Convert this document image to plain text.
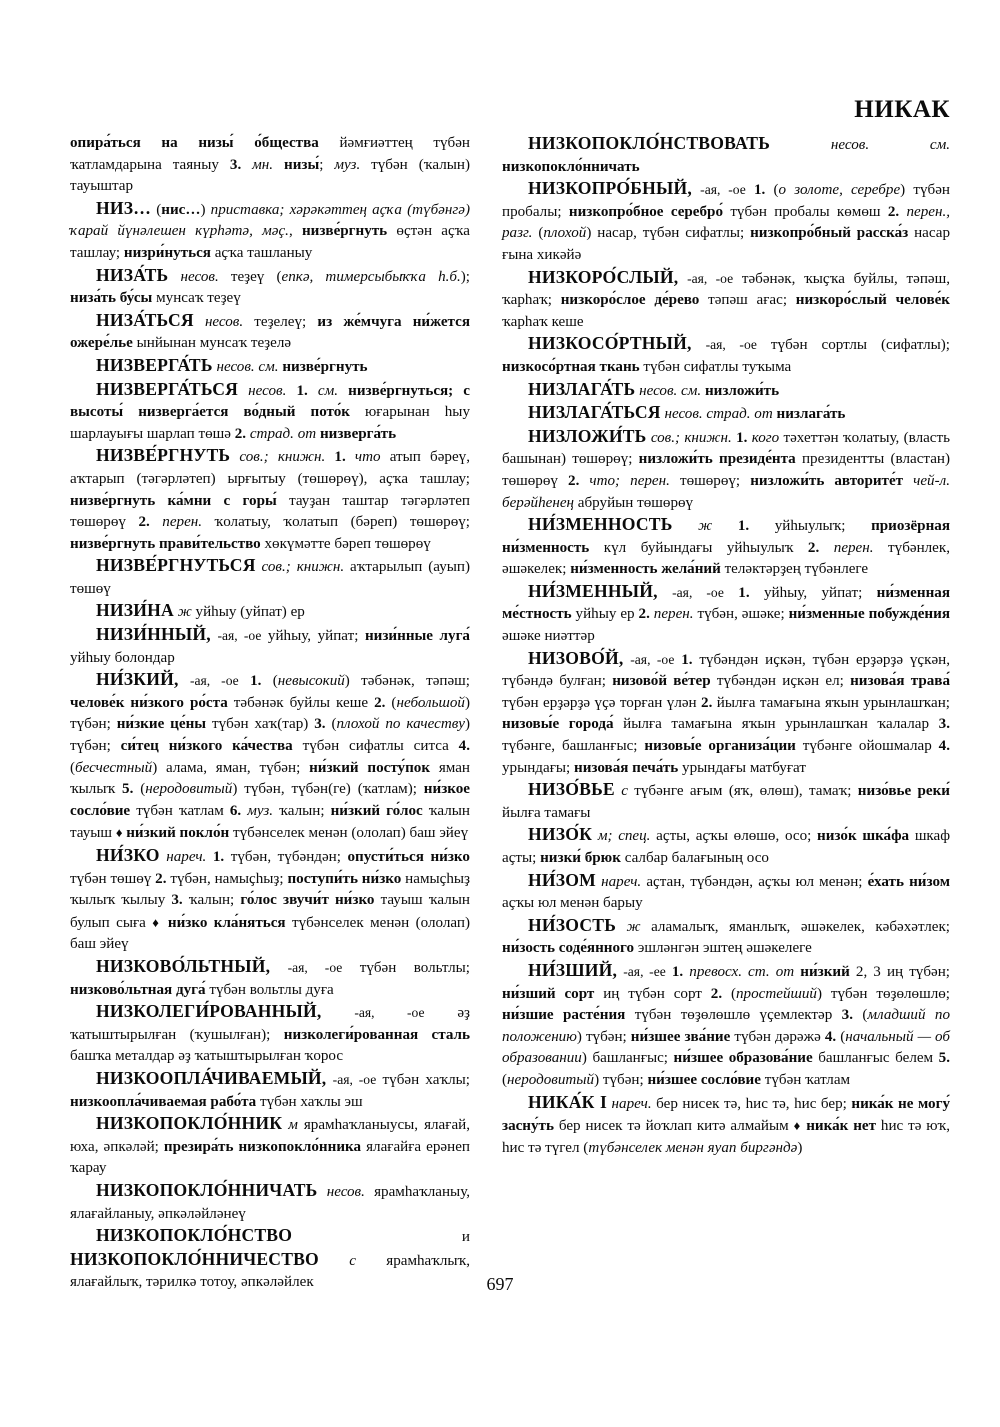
НИКАК

опира́ться на низы́ о́бщества йәмғиәттең түбән ҡатламдарына таяныу 3. мн. низы́; муз. түбән (ҡалын) тауыштар

НИЗ… (нис…) приставка; хәрәкәттең аҫҡа (түбәнгә) ҡарай йүнәлешен күрһәтә, мәҫ., низве́ргнуть өҫтән аҫҡа ташлау; низри́нуться аҫҡа ташланыу

НИЗА́ТЬ несов. теҙеү (епкә, тимерсыбыҡҡа һ.б.); низа́ть бу́сы мунсаҡ теҙеү

НИЗА́ТЬСЯ несов. теҙелеү; из же́мчуга ни́жется ожере́лье ынйынан мунсаҡ теҙелә

НИЗВЕРГА́ТЬ несов. см. низве́ргнуть

НИЗВЕРГА́ТЬСЯ несов. 1. см. низве́ргнуться; с высоты́ низверга́ется во́дный пото́к юғарынан һыу шарлауығы шарлап төшә 2. страд. от низверга́ть

НИЗВЕ́РГНУТЬ сов.; книжн. 1. что атып бәреү, аҡтарып (тәгәрләтеп) ырғытыу (төшөрөү), аҫҡа ташлау; низве́ргнуть ка́мни с горы́ тауҙан таштар тәгәрләтеп төшөрөү 2. перен. ҡолатыу, ҡолатып (бәреп) төшөрөү; низве́ргнуть прави́тельство хөкүмәтте бәреп төшөрөү

НИЗВЕ́РГНУТЬСЯ сов.; книжн. аҡтарылып (ауып) төшөү

НИЗИ́НА ж уйһыу (уйпат) ер

НИЗИ́ННЫЙ, -ая, -ое уйһыу, уйпат; низи́нные луга́ уйһыу болондар

НИ́ЗКИЙ, -ая, -ое 1. (невысокий) тәбәнәк, тәпәш; челове́к ни́зкого ро́ста тәбәнәк буйлы кеше 2. (небольшой) түбән; ни́зкие це́ны түбән хаҡ(тар) 3. (плохой по качеству) түбән; си́тец ни́зкого ка́чества түбән сифатлы ситса 4. (бесчестный) алама, яман, түбән; ни́зкий посту́пок яман ҡылыҡ 5. (неродовитый) түбән, түбән(ге) (ҡатлам); ни́зкое сосло́вие түбән ҡатлам 6. муз. ҡалын; ни́зкий го́лос ҡалын тауыш ♦ ни́зкий покло́н түбәнселек менән (ололап) баш эйеү

НИ́ЗКО нареч. 1. түбән, түбәндән; опусти́ться ни́зко түбән төшөү 2. түбән, намыҫһыҙ; поступи́ть ни́зко намыҫһыҙ ҡылыҡ ҡылыу 3. ҡалын; го́лос звучи́т ни́зко тауыш ҡалын булып сыға ♦ ни́зко кла́няться түбәнселек менән (ололап) баш эйеү

НИЗКОВО́ЛЬТНЫЙ, -ая, -ое түбән вольтлы; низково́льтная дуга́ түбән вольтлы дуға

НИЗКОЛЕГИ́РОВАННЫЙ, -ая, -ое әҙ ҡатыштырылған (ҡушылған); низколеги́рованная сталь башҡа металдар әҙ ҡатыштырылған ҡорос

НИЗКООПЛА́ЧИВАЕМЫЙ, -ая, -ое түбән хаҡлы; низкоопла́чиваемая рабо́та түбән хаҡлы эш

НИЗКОПОКЛО́ННИК м ярамһаҡланыусы, ялағай, юха, әпкәләй; презира́ть низкопокло́нника ялағайға ерәнеп ҡарау

НИЗКОПОКЛО́ННИЧАТЬ несов. ярамһаҡланыу, ялағайланыу, әпкәләйләнеү

НИЗКОПОКЛО́НСТВО	и НИЗКОПОКЛО́ННИЧЕСТВО с ярамһаҡлыҡ, ялағайлыҡ, тәрилкә тотоу, әпкәләйлек

НИЗКОПОКЛО́НСТВОВАТЬ	несов. см. низкопокло́нничать

НИЗКОПРО́БНЫЙ, -ая, -ое 1. (о золоте, серебре) түбән пробалы; низкопро́бное серебро́ түбән пробалы көмөш 2. перен., разг. (плохой) насар, түбән сифатлы; низкопро́бный расска́з насар ғына хикәйә

НИЗКОРО́СЛЫЙ, -ая, -ое тәбәнәк, ҡыҫҡа буйлы, тәпәш, ҡарһаҡ; низкоро́слое де́рево тәпәш ағас; низкоро́слый челове́к ҡарһаҡ кеше

НИЗКОСО́РТНЫЙ, -ая, -ое түбән сортлы (сифатлы); низкосо́ртная ткань түбән сифатлы туҡыма

НИЗЛАГА́ТЬ несов. см. низложи́ть

НИЗЛАГА́ТЬСЯ несов. страд. от низлага́ть

НИЗЛОЖИ́ТЬ сов.; книжн. 1. кого тәхеттән ҡолатыу, (власть башынан) төшөрөү; низложи́ть президе́нта президентты (властан) төшөрөү 2. что; перен. төшөрөү; низложи́ть авторите́т чей-л. берәйһенең абруйын төшөрөү

НИ́ЗМЕННОСТЬ ж 1. уйһыулыҡ; приозёрная ни́зменность күл буйындағы уйһыулыҡ 2. перен. түбәнлек, әшәкелек; ни́зменность жела́ний теләктәрҙең түбәнлеге

НИ́ЗМЕННЫЙ, -ая, -ое 1. уйһыу, уйпат; ни́зменная ме́стность уйһыу ер 2. перен. түбән, әшәке; ни́зменные побужде́ния әшәке ниәттәр

НИЗОВО́Й, -ая, -ое 1. түбәндән иҫкән, түбән ерҙәрҙә үҫкән, түбәндә булған; низово́й ве́тер түбәндән иҫкән ел; низова́я трава́ түбән ерҙәрҙә үҫә торған үлән 2. йылға тамағына яҡын урынлашҡан; низовы́е города́ йылға тамағына яҡын урынлашҡан ҡалалар 3. түбәнге, башланғыс; низовы́е организа́ции түбәнге ойошмалар 4. урындағы; низова́я печа́ть урындағы матбуғат

НИЗО́ВЬЕ с түбәнге ағым (яҡ, өлөш), тамаҡ; низо́вье реки́ йылға тамағы

НИЗО́К м; спец. аҫты, аҫҡы өлөшө, осо; низо́к шка́фа шкаф аҫты; низки́ брюк салбар балағының осо

НИ́ЗОМ нареч. аҫтан, түбәндән, аҫҡы юл менән; е́хать ни́зом аҫҡы юл менән барыу

НИ́ЗОСТЬ ж аламалыҡ, яманлыҡ, әшәкелек, кәбәхәтлек; ни́зость соде́янного эшләнгән эштең әшәкелеге

НИ́ЗШИЙ, -ая, -ее 1. превосх. ст. от ни́зкий 2, 3 иң түбән; ни́зший сорт иң түбән сорт 2. (простейший) түбән төҙөлөшлө; ни́зшие расте́ния түбән төҙөлөшлө үҫемлектәр 3. (младший по положению) түбән; ни́зшее зва́ние түбән дәрәжә 4. (начальный — об образовании) башланғыс; ни́зшее образова́ние башланғыс белем 5. (неродовитый) түбән; ни́зшее сосло́вие түбән ҡатлам

НИКА́К I нареч. бер нисек тә, һис тә, һис бер; ника́к не могу́ засну́ть бер нисек тә йоҡлап китә алмайым ♦ ника́к нет һис тә юҡ, һис тә түгел (түбәнселек менән яуап биргәндә)

697
